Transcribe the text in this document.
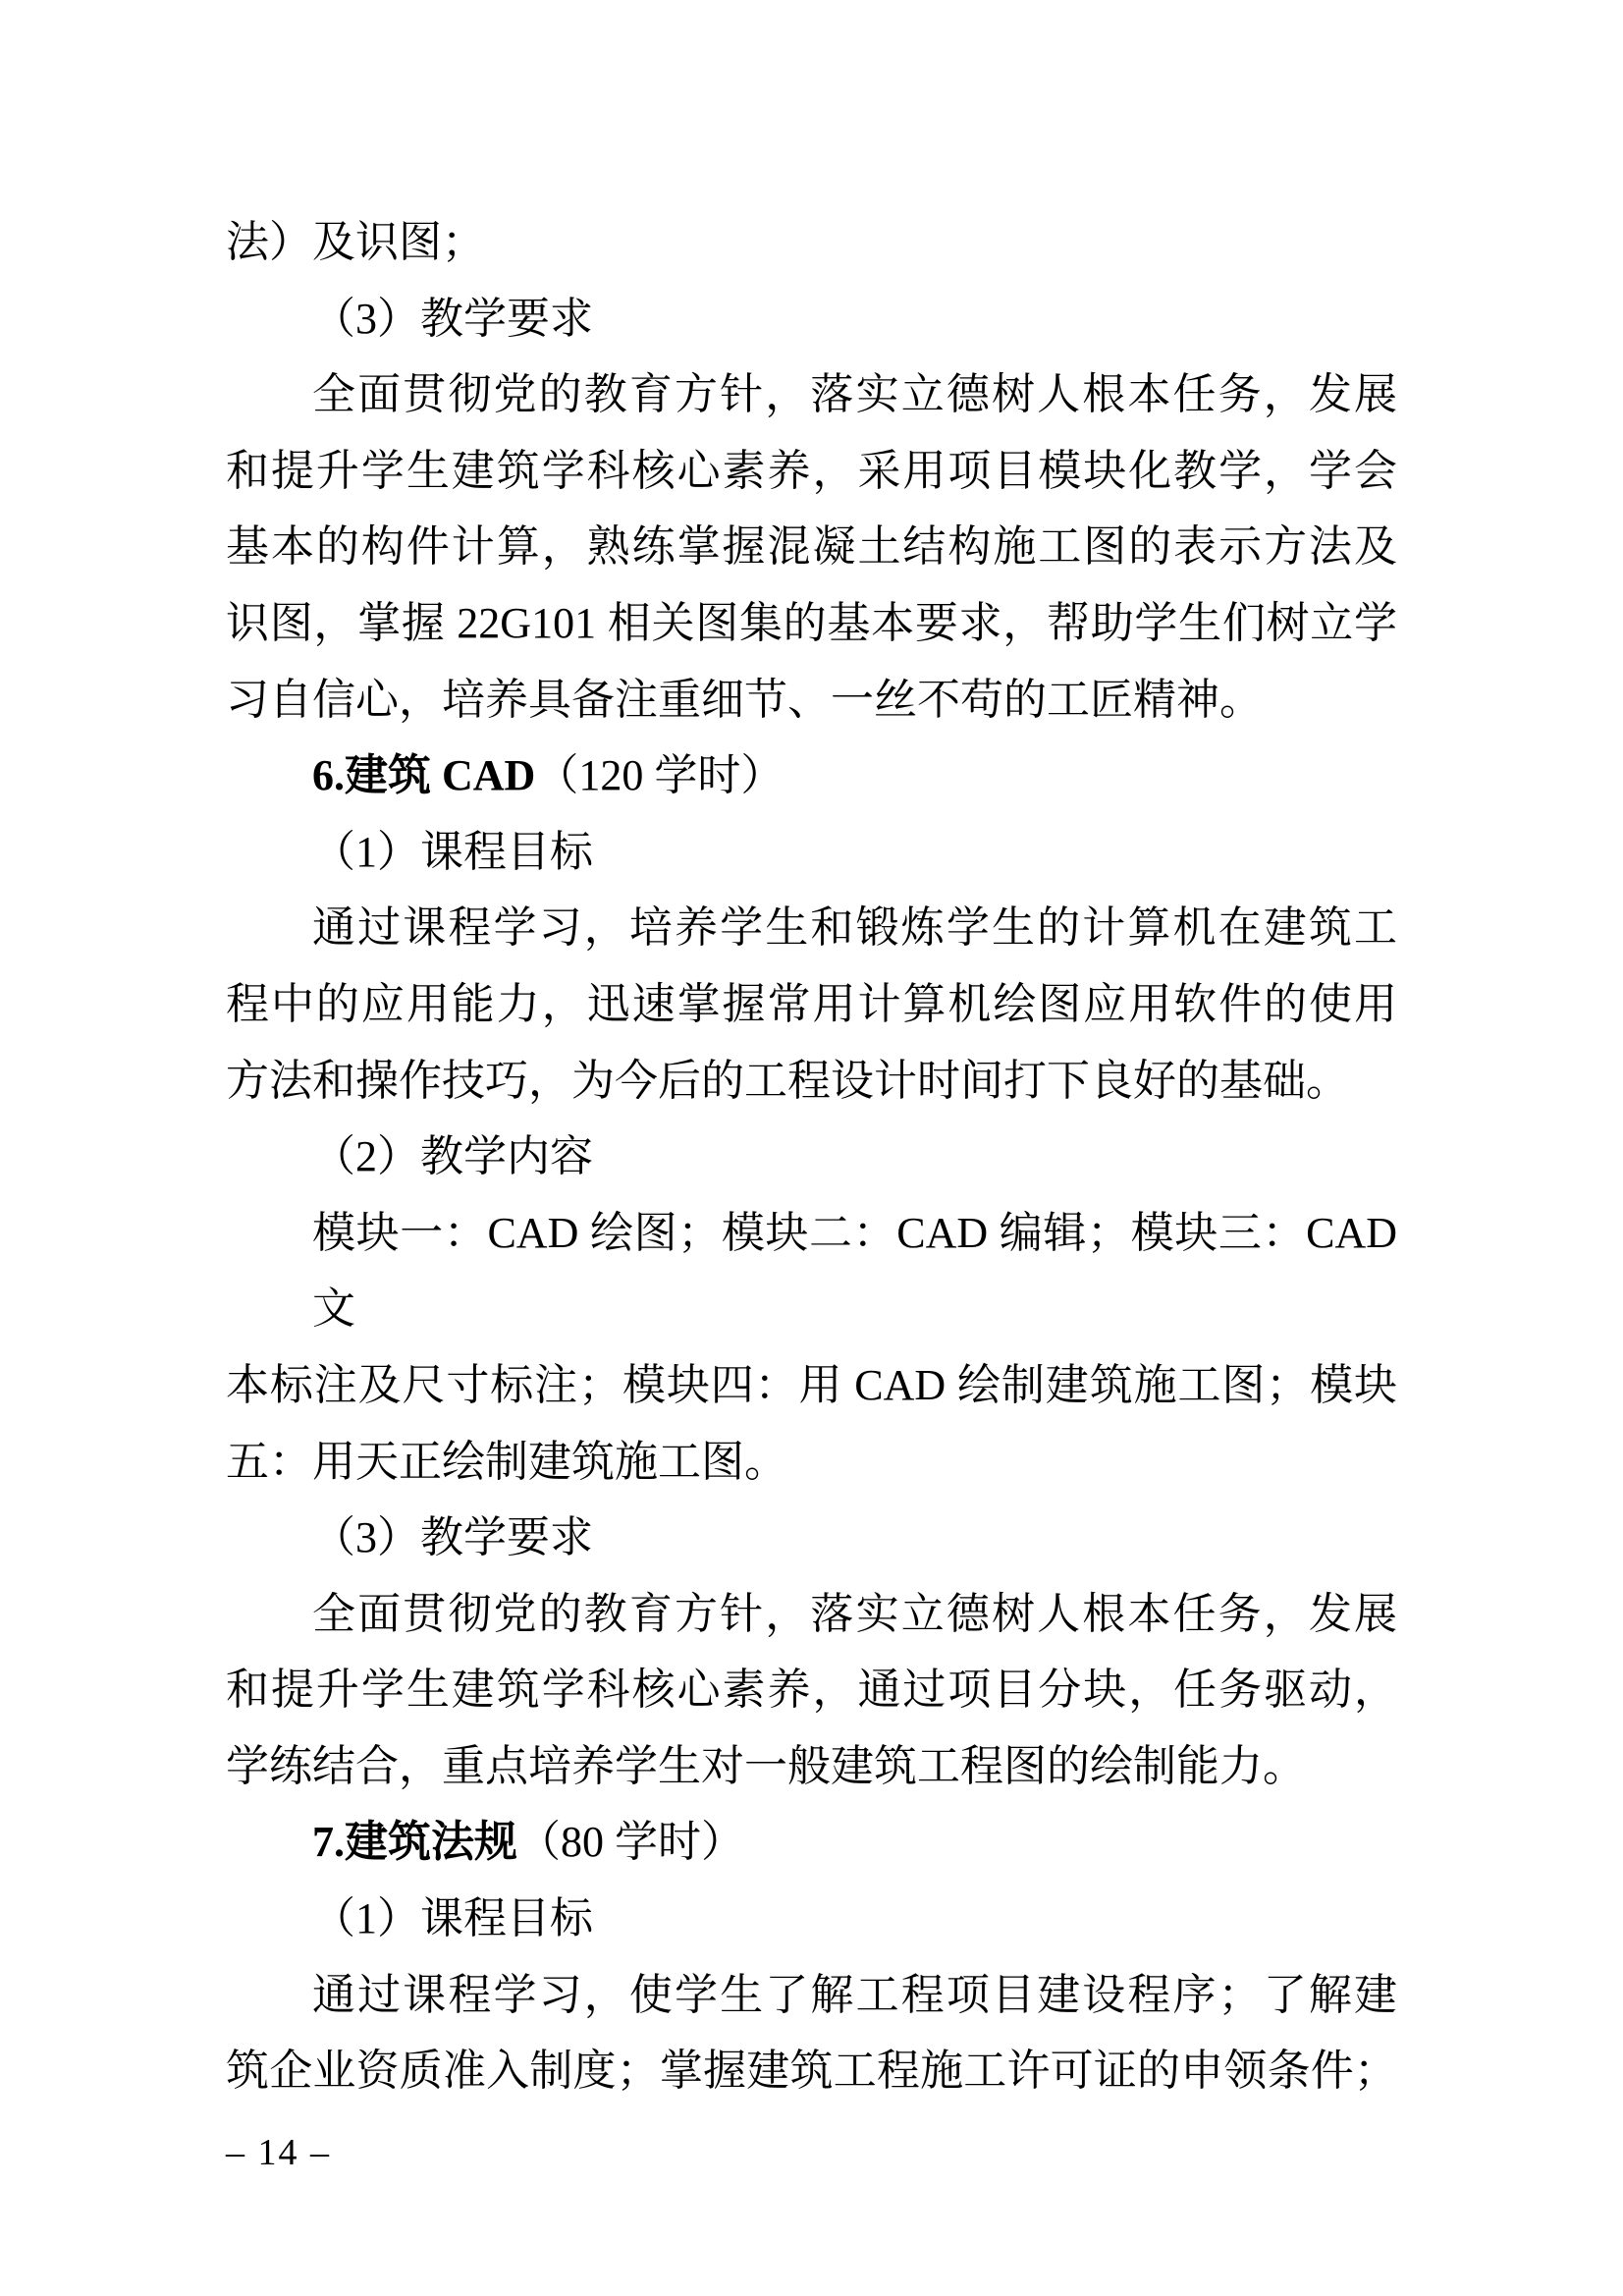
法）及识图；
（3）教学要求
全面贯彻党的教育方针，落实立德树人根本任务，发展
和提升学生建筑学科核心素养，采用项目模块化教学，学会
基本的构件计算，熟练掌握混凝土结构施工图的表示方法及
识图，掌握 22G101 相关图集的基本要求，帮助学生们树立学
习自信心，培养具备注重细节、一丝不苟的工匠精神。
6.建筑 CAD（120 学时）
（1）课程目标
通过课程学习，培养学生和锻炼学生的计算机在建筑工
程中的应用能力，迅速掌握常用计算机绘图应用软件的使用
方法和操作技巧，为今后的工程设计时间打下良好的基础。
（2）教学内容
模块一：CAD 绘图；模块二：CAD 编辑；模块三：CAD 文
本标注及尺寸标注；模块四：用 CAD 绘制建筑施工图；模块
五：用天正绘制建筑施工图。
（3）教学要求
全面贯彻党的教育方针，落实立德树人根本任务，发展
和提升学生建筑学科核心素养，通过项目分块，任务驱动，
学练结合，重点培养学生对一般建筑工程图的绘制能力。
7.建筑法规（80 学时）
（1）课程目标
通过课程学习，使学生了解工程项目建设程序；了解建
筑企业资质准入制度；掌握建筑工程施工许可证的申领条件；
– 14 –
